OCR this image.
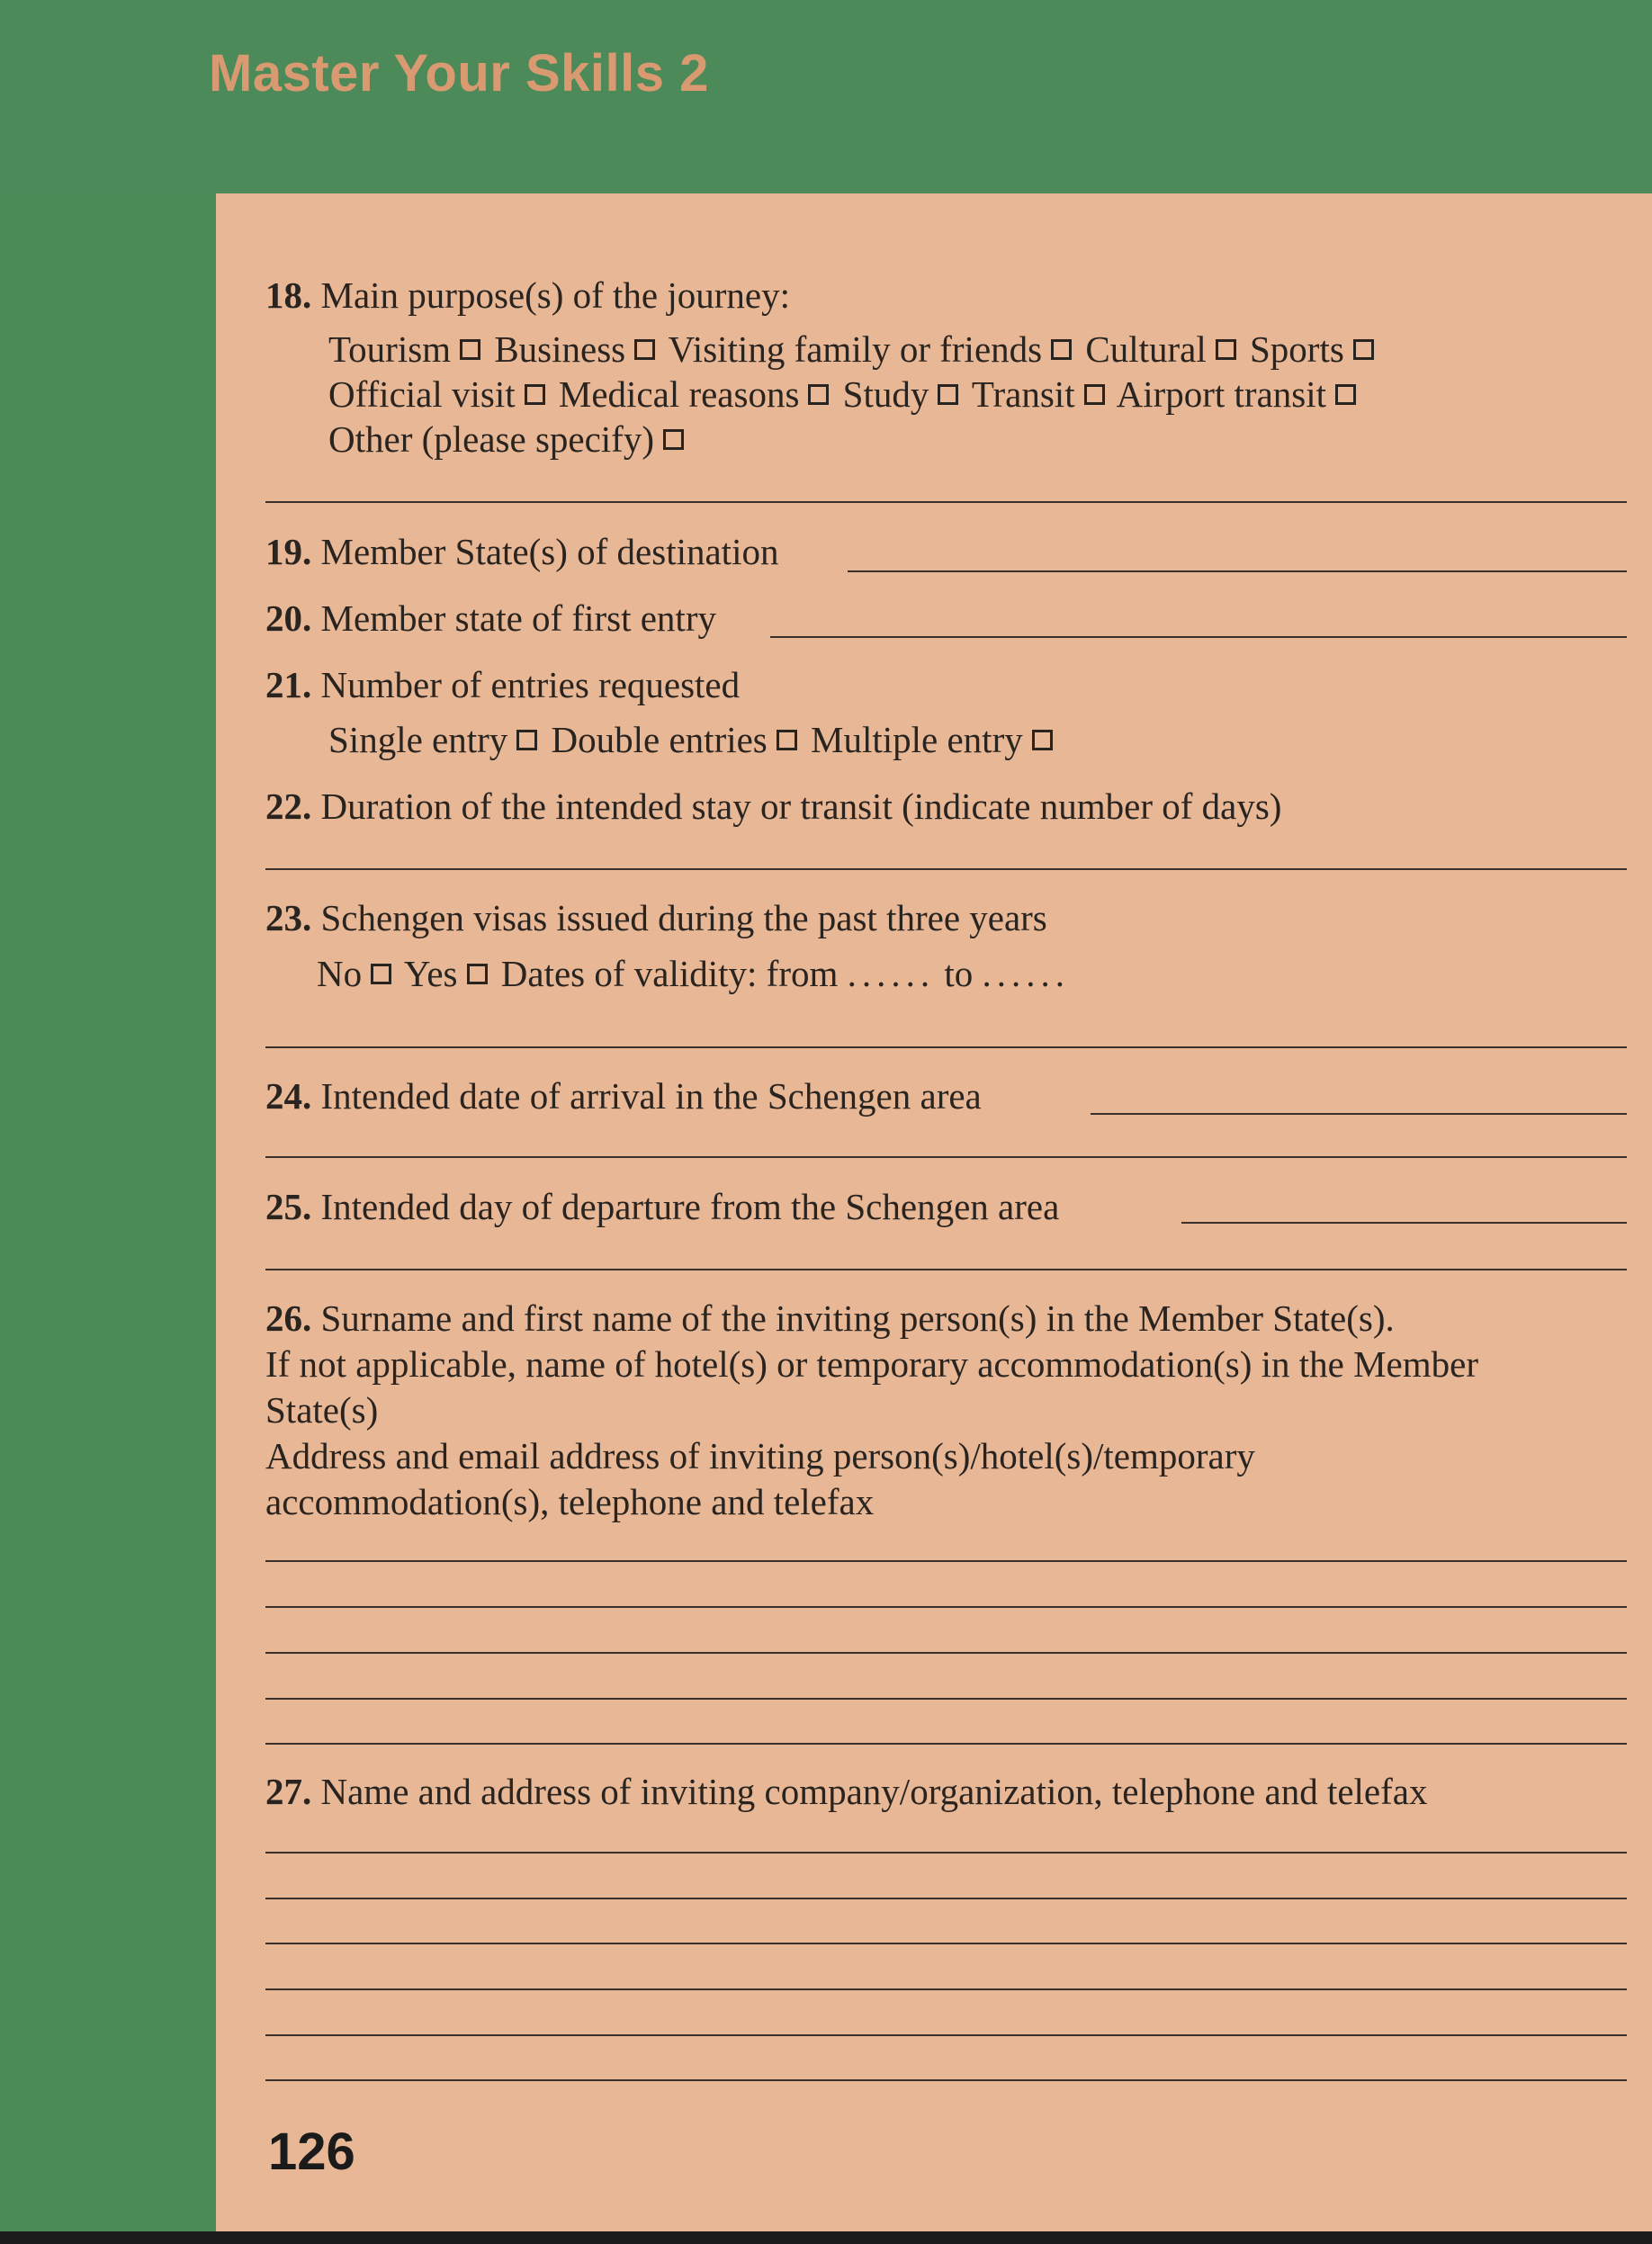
Master Your Skills 2
18. Main purpose(s) of the journey:
Tourism Business Visiting family or friends Cultural Sports
Official visit Medical reasons Study Transit Airport transit
Other (please specify)
19. Member State(s) of destination
20. Member state of first entry
21. Number of entries requested
Single entry Double entries Multiple entry
22. Duration of the intended stay or transit (indicate number of days)
23. Schengen visas issued during the past three years
No Yes Dates of validity: from ...... to ......
24. Intended date of arrival in the Schengen area
25. Intended day of departure from the Schengen area
26. Surname and first name of the inviting person(s) in the Member State(s).
If not applicable, name of hotel(s) or temporary accommodation(s) in the Member
State(s)
Address and email address of inviting person(s)/hotel(s)/temporary
accommodation(s), telephone and telefax
27. Name and address of inviting company/organization, telephone and telefax
126
